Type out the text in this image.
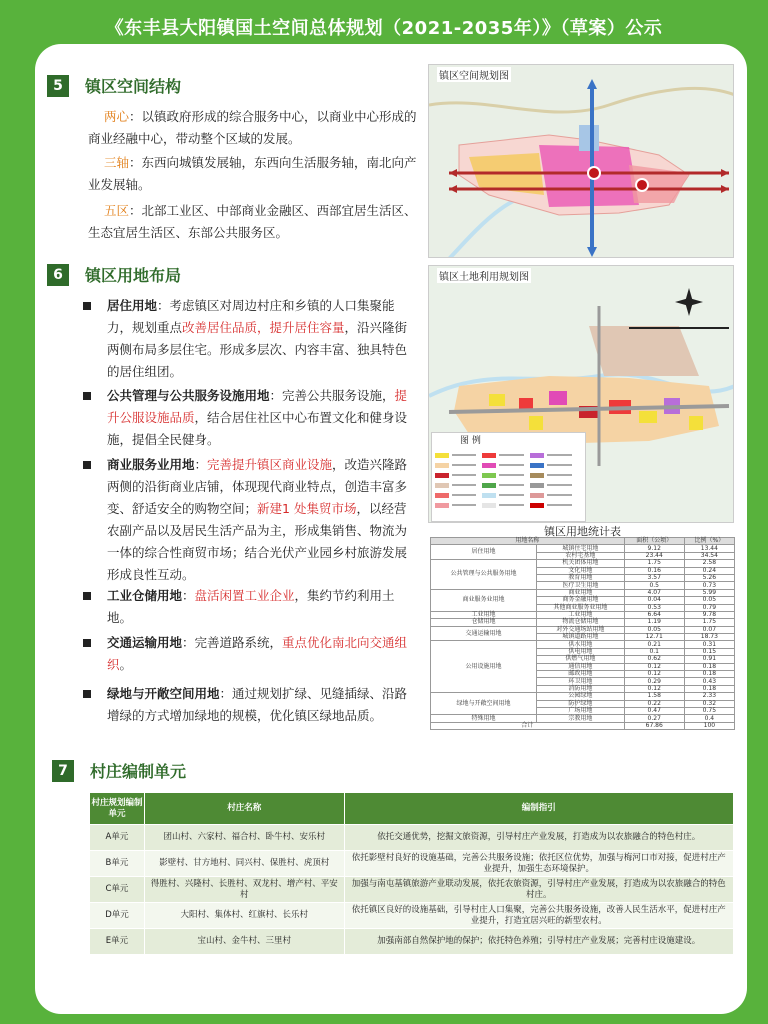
《东丰县大阳镇国土空间总体规划（2021-2035年）》（草案）公示
5	镇区空间结构
两心：以镇政府形成的综合服务中心，以商业中心形成的商业经融中心，带动整个区域的发展。
三轴：东西向城镇发展轴，东西向生活服务轴，南北向产业发展轴。
五区：北部工业区、中部商业金融区、西部宜居生活区、生态宜居生活区、东部公共服务区。
镇区空间规划图
6	镇区用地布局
居住用地：考虑镇区对周边村庄和乡镇的人口集聚能力，规划重点改善居住品质，提升居住容量，沿兴隆街两侧布局多层住宅。形成多层次、内容丰富、独具特色的居住组团。
公共管理与公共服务设施用地：完善公共服务设施，提升公服设施品质，结合居住社区中心布置文化和健身设施，提倡全民健身。
商业服务业用地：完善提升镇区商业设施，改造兴隆路两侧的沿街商业店铺，体现现代商业特点，创造丰富多变、舒适安全的购物空间；新建1 处集贸市场，以经营农副产品以及居民生活产品为主，形成集销售、物流为一体的综合性商贸市场；结合光伏产业园乡村旅游发展形成良性互动。
工业仓储用地：盘活闲置工业企业，集约节约利用土地。
交通运输用地：完善道路系统，重点优化南北向交通组织。
绿地与开敞空间用地：通过规划扩绿、见缝插绿、沿路增绿的方式增加绿地的规模，优化镇区绿地品质。
镇区土地利用规划图
图 例
镇区用地统计表
用地名称		面积（公顷）	比例（%）
居住用地	城镇住宅用地	9.12	13.44
	农村宅基地	23.44	34.54
公共管理与公共服务用地	机关团体用地	1.75	2.58
	文化用地	0.16	0.24
	教育用地	3.57	5.26
	医疗卫生用地	0.5	0.73
商业服务业用地	商业用地	4.07	5.99
	商务金融用地	0.04	0.05
	其他商业服务业用地	0.53	0.79
工业用地	工业用地	6.64	9.78
仓储用地	物流仓储用地	1.19	1.75
交通运输用地	对外交通场站用地	0.05	0.07
	城镇道路用地	12.71	18.73
公用设施用地	供水用地	0.21	0.31
	供电用地	0.1	0.15
	供燃气用地	0.62	0.91
	通信用地	0.12	0.18
	邮政用地	0.12	0.18
	环卫用地	0.29	0.43
	消防用地	0.12	0.18
绿地与开敞空间用地	公园绿地	1.58	2.33
	防护绿地	0.22	0.32
	广场用地	0.47	0.75
特殊用地	宗教用地	0.27	0.4
合计		67.86	100
7	村庄编制单元
村庄规划编制单元	村庄名称	编制指引
A单元	团山村、六家村、福合村、卧牛村、安乐村	依托交通优势，挖掘文旅资源，引导村庄产业发展，打造成为以农旅融合的特色村庄。
B单元	影壁村、甘方地村、同兴村、保胜村、虎顶村	依托影壁村良好的设施基础，完善公共服务设施；依托区位优势，加强与梅河口市对接，促进村庄产业提升，加强生态环境保护。
C单元	得胜村、兴隆村、长胜村、双龙村、增产村、平安村	加强与南屯基镇旅游产业联动发展，依托农旅资源，引导村庄产业发展，打造成为以农旅融合的特色村庄。
D单元	大阳村、集体村、红旗村、长乐村	依托镇区良好的设施基础，引导村庄人口集聚，完善公共服务设施，改善人民生活水平，促进村庄产业提升，打造宜居兴旺的新型农村。
E单元	宝山村、金牛村、三里村	加强南部自然保护地的保护；依托特色养殖；引导村庄产业发展；完善村庄设施建设。
